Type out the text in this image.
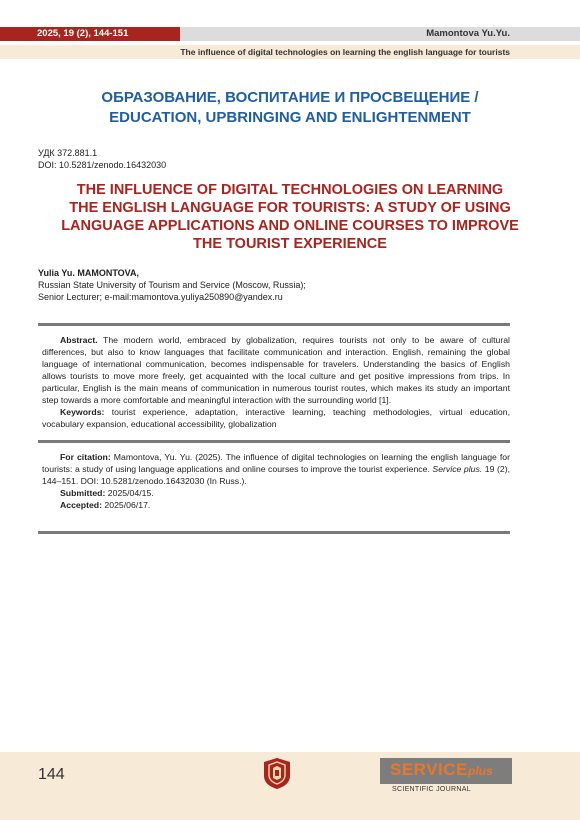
2025, 19 (2), 144-151	Mamontova Yu.Yu.
The influence of digital technologies on learning the english language for tourists
ОБРАЗОВАНИЕ, ВОСПИТАНИЕ И ПРОСВЕЩЕНИЕ /
EDUCATION, UPBRINGING AND ENLIGHTENMENT
УДК 372.881.1
DOI: 10.5281/zenodo.16432030
THE INFLUENCE OF DIGITAL TECHNOLOGIES ON LEARNING
THE ENGLISH LANGUAGE FOR TOURISTS: A STUDY OF USING
LANGUAGE APPLICATIONS AND ONLINE COURSES TO IMPROVE
THE TOURIST EXPERIENCE
Yulia Yu. MAMONTOVA,
Russian State University of Tourism and Service (Moscow, Russia);
Senior Lecturer; e-mail:mamontova.yuliya250890@yandex.ru

Abstract. The modern world, embraced by globalization, requires tourists not only to be aware of cultural differences, but also to know languages that facilitate communication and interaction. English, remaining the global language of international communication, becomes indispensable for travelers. Understanding the basics of English allows tourists to move more freely, get acquainted with the local culture and get positive impressions from trips. In particular, English is the main means of communication in numerous tourist routes, which makes its study an important step towards a more comfortable and meaningful interaction with the surrounding world [1].

Keywords: tourist experience, adaptation, interactive learning, teaching methodologies, virtual education, vocabulary expansion, educational accessibility, globalization

For citation: Mamontova, Yu. Yu. (2025). The influence of digital technologies on learning the english language for tourists: a study of using language applications and online courses to improve the tourist experience. Service plus. 19 (2), 144–151. DOI: 10.5281/zenodo.16432030 (In Russ.).

Submitted: 2025/04/15.

Accepted: 2025/06/17.

144	SERVICE plus
SCIENTIFIC JOURNAL
